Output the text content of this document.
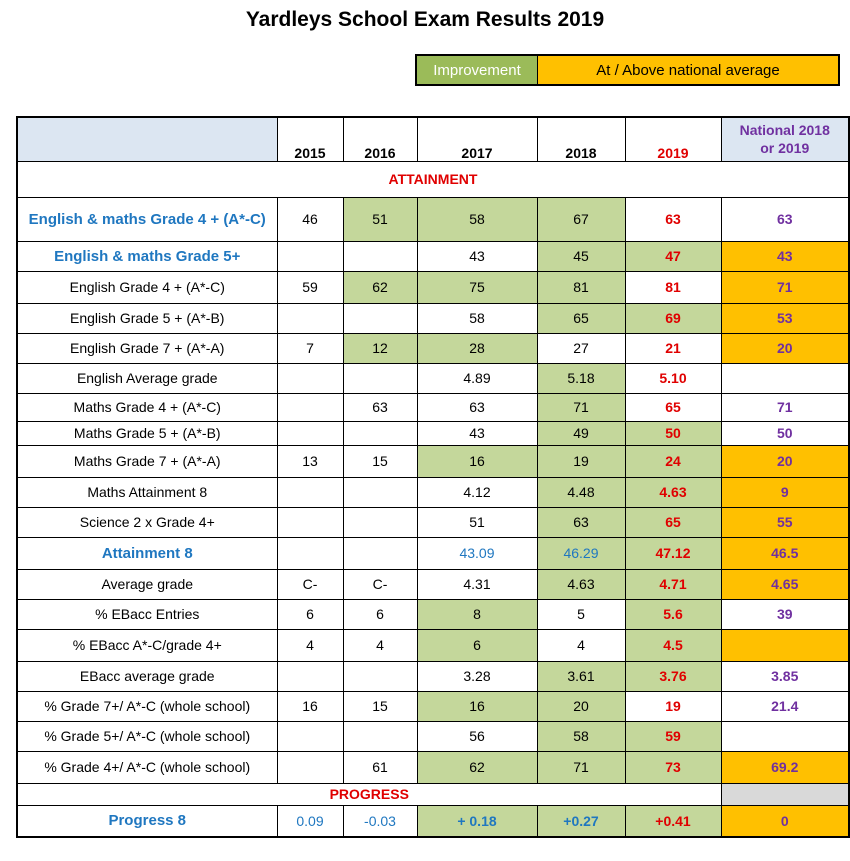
Yardleys School Exam Results 2019
Improvement	At / Above national average
	2015	2016	2017	2018	2019	National 2018
or 2019
ATTAINMENT						
English & maths Grade 4 + (A*-C)	46	51	58	67	63	63
English & maths Grade 5+			43	45	47	43
English Grade 4 + (A*-C)	59	62	75	81	81	71
English Grade 5 + (A*-B)			58	65	69	53
English Grade 7 + (A*-A)	7	12	28	27	21	20
English Average grade			4.89	5.18	5.10	
Maths Grade 4 + (A*-C)		63	63	71	65	71
Maths Grade 5 + (A*-B)			43	49	50	50
Maths Grade 7 + (A*-A)	13	15	16	19	24	20
Maths Attainment 8			4.12	4.48	4.63	9
Science 2 x Grade 4+			51	63	65	55
Attainment 8			43.09	46.29	47.12	46.5
Average grade	C-	C-	4.31	4.63	4.71	4.65
% EBacc Entries	6	6	8	5	5.6	39
% EBacc A*-C/grade 4+	4	4	6	4	4.5	
EBacc average grade			3.28	3.61	3.76	3.85
% Grade 7+/ A*-C (whole school)	16	15	16	20	19	21.4
% Grade 5+/ A*-C (whole school)			56	58	59	
% Grade 4+/ A*-C (whole school)		61	62	71	73	69.2
PROGRESS						
Progress 8	0.09	-0.03	+ 0.18	+0.27	+0.41	0
